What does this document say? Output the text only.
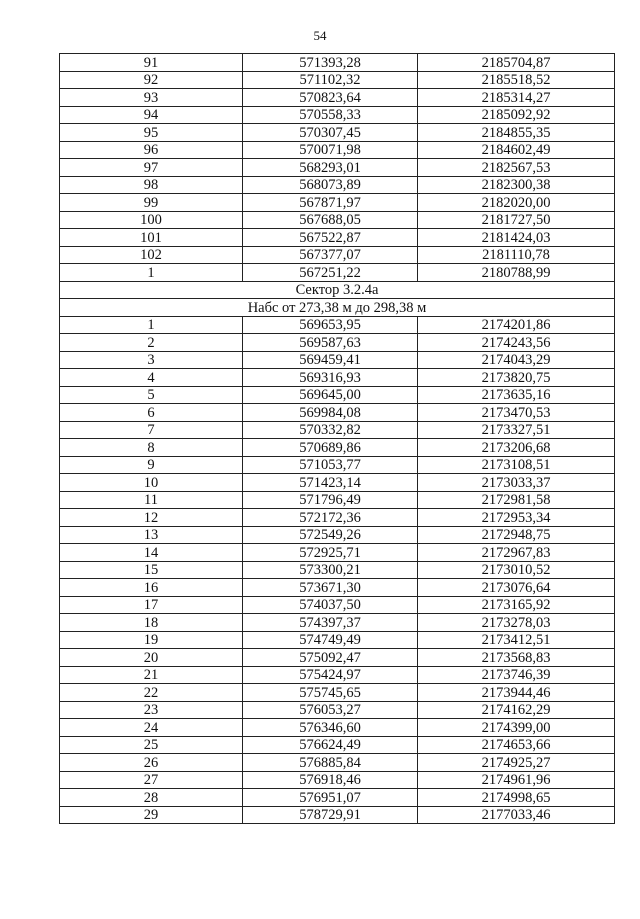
54
91	571393,28	2185704,87
92	571102,32	2185518,52
93	570823,64	2185314,27
94	570558,33	2185092,92
95	570307,45	2184855,35
96	570071,98	2184602,49
97	568293,01	2182567,53
98	568073,89	2182300,38
99	567871,97	2182020,00
100	567688,05	2181727,50
101	567522,87	2181424,03
102	567377,07	2181110,78
1	567251,22	2180788,99
Сектор 3.2.4а		
Набс от 273,38 м до 298,38 м		
1	569653,95	2174201,86
2	569587,63	2174243,56
3	569459,41	2174043,29
4	569316,93	2173820,75
5	569645,00	2173635,16
6	569984,08	2173470,53
7	570332,82	2173327,51
8	570689,86	2173206,68
9	571053,77	2173108,51
10	571423,14	2173033,37
11	571796,49	2172981,58
12	572172,36	2172953,34
13	572549,26	2172948,75
14	572925,71	2172967,83
15	573300,21	2173010,52
16	573671,30	2173076,64
17	574037,50	2173165,92
18	574397,37	2173278,03
19	574749,49	2173412,51
20	575092,47	2173568,83
21	575424,97	2173746,39
22	575745,65	2173944,46
23	576053,27	2174162,29
24	576346,60	2174399,00
25	576624,49	2174653,66
26	576885,84	2174925,27
27	576918,46	2174961,96
28	576951,07	2174998,65
29	578729,91	2177033,46
